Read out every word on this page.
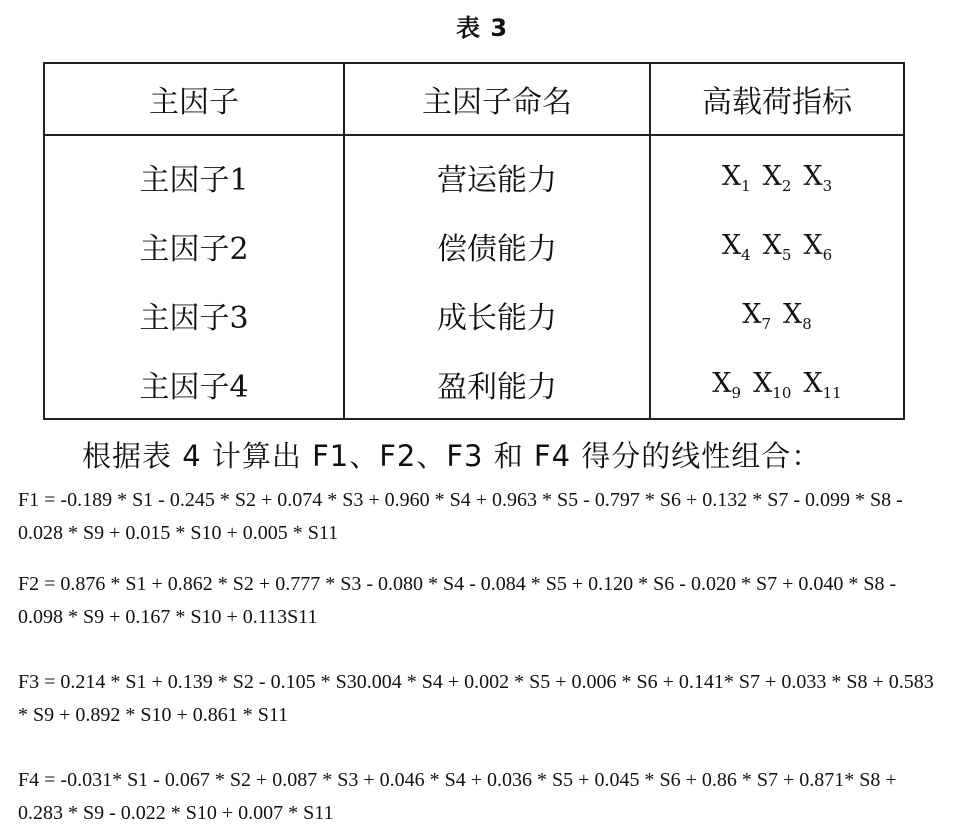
表 3
主因子	主因子命名	高载荷指标
主因子1	营运能力	$X_1$ $X_2$ $X_3$
主因子2	偿债能力	$X_4$ $X_5$ $X_6$
主因子3	成长能力	$X_7$ $X_8$
主因子4	盈利能力	$X_9$ $X_{10}$ $X_{11}$
根据表 4 计算出 F1、F2、F3 和 F4 得分的线性组合：
F1 = -0.189 * S1 - 0.245 * S2 + 0.074 * S3 + 0.960 * S4 + 0.963 * S5 - 0.797 * S6 + 0.132 * S7 - 0.099 * S8 - 0.028 * S9 + 0.015 * S10 + 0.005 * S11
F2 = 0.876 * S1 + 0.862 * S2 + 0.777 * S3 - 0.080 * S4 - 0.084 * S5 + 0.120 * S6 - 0.020 * S7 + 0.040 * S8 - 0.098 * S9 + 0.167 * S10 + 0.113S11
F3 = 0.214 * S1 + 0.139 * S2 - 0.105 * S30.004 * S4 + 0.002 * S5 + 0.006 * S6 + 0.141* S7 + 0.033 * S8 + 0.583 * S9 + 0.892 * S10 + 0.861 * S11
F4 = -0.031* S1 - 0.067 * S2 + 0.087 * S3 + 0.046 * S4 + 0.036 * S5 + 0.045 * S6 + 0.86 * S7 + 0.871* S8 + 0.283 * S9 - 0.022 * S10 + 0.007 * S11
